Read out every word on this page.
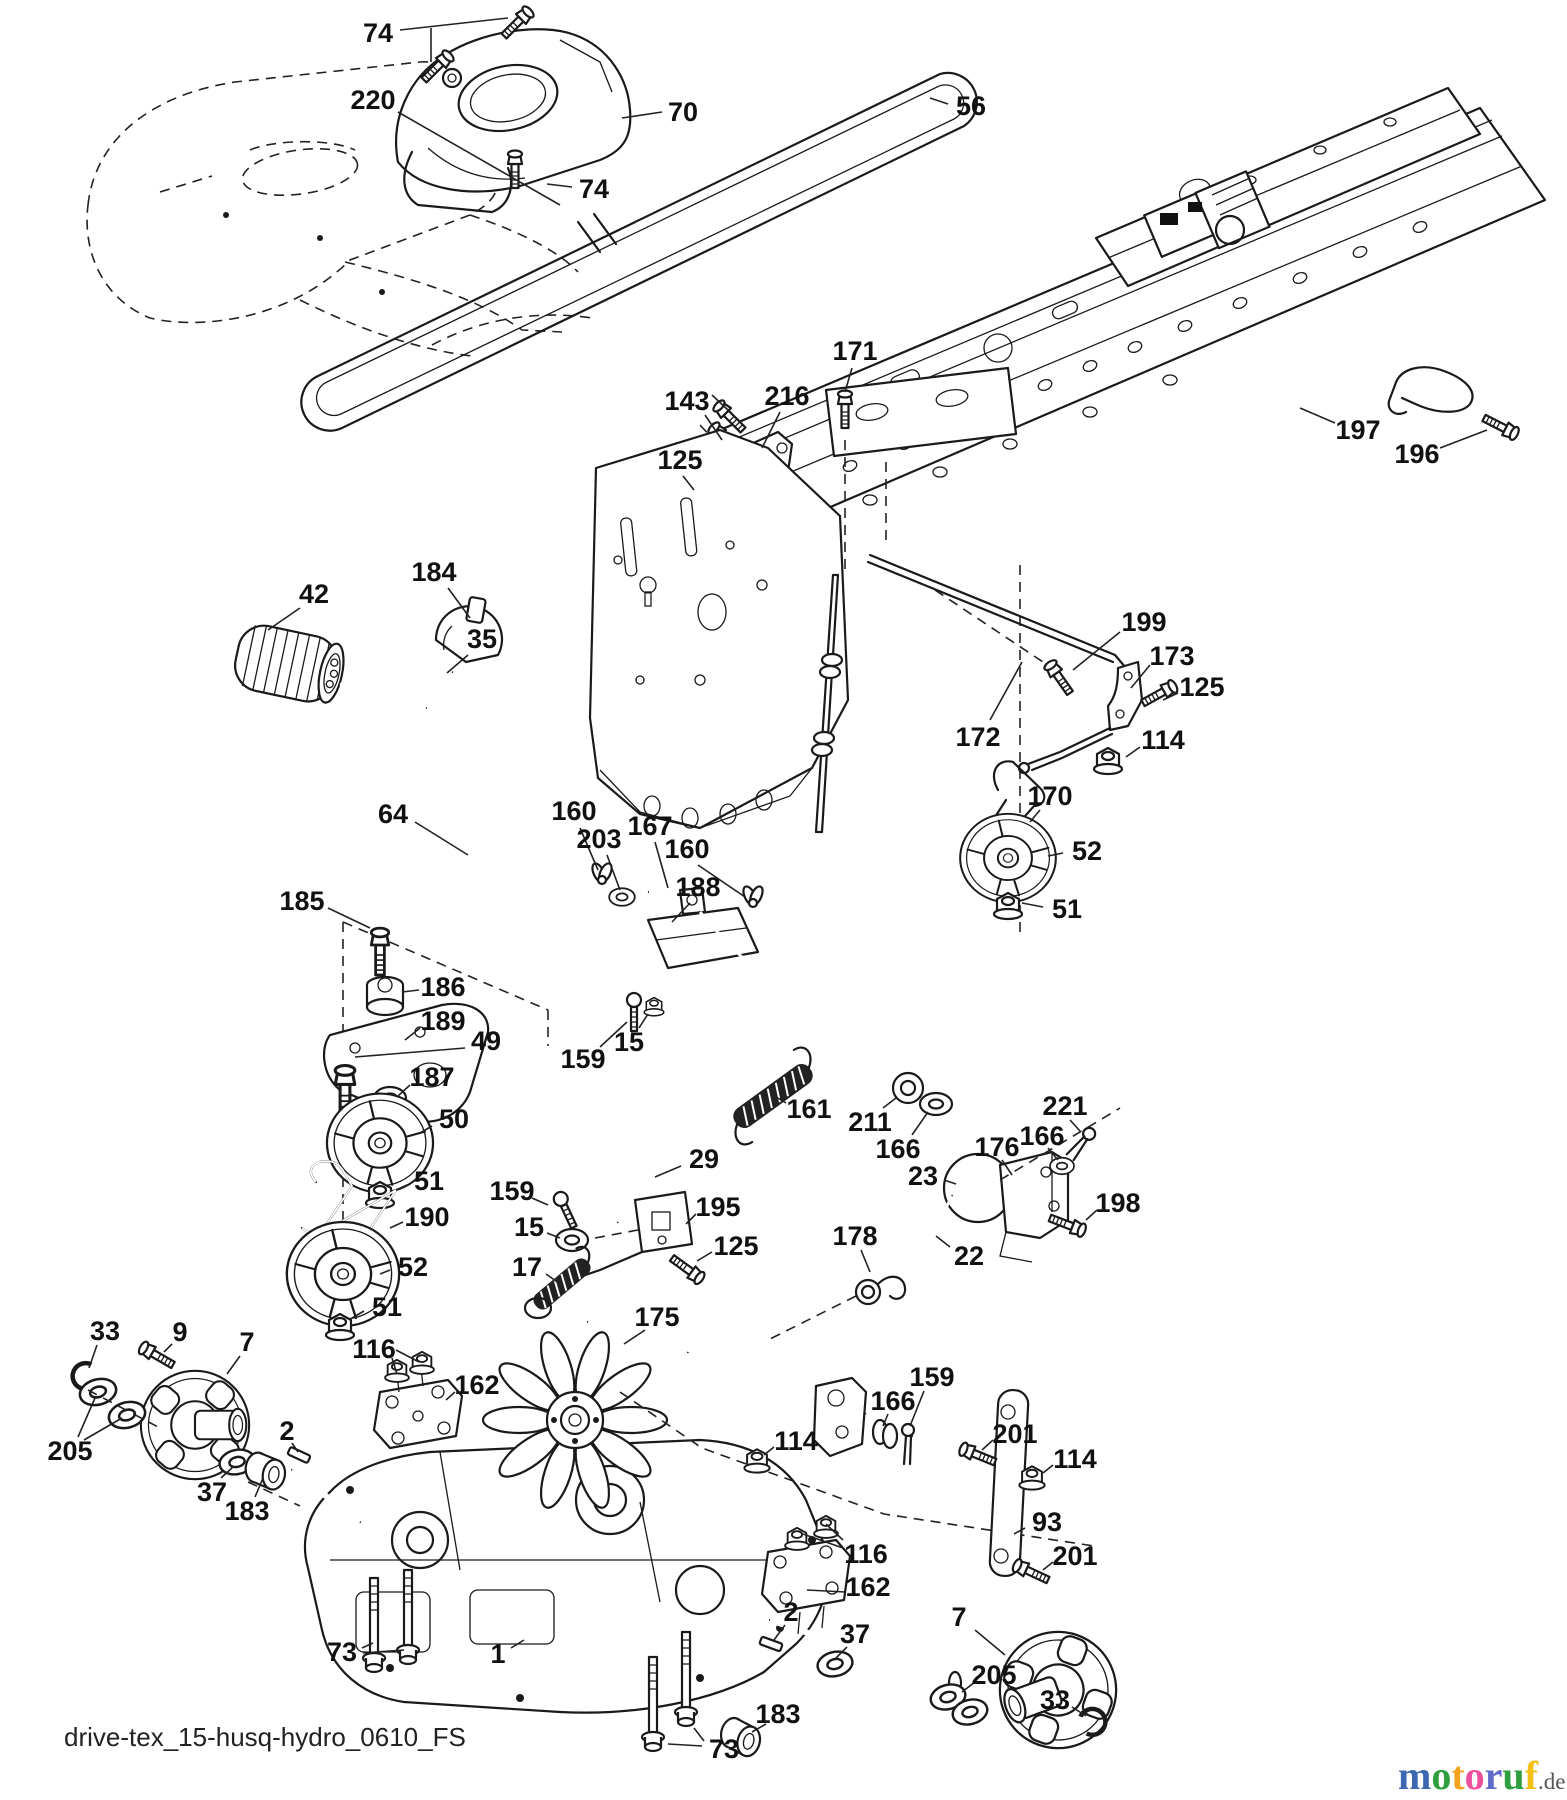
74
220	70
74
56
171
143 216
125
197
196
199
173
125
114
172
170
52
51
42
184
35
64	160
203 167
160
188
185
186
189
49
187
50
51
190
52
51
159
15
161 211
166
29
159
15
17
195
125
175
221
166
176
23
198
178
22
33 9 7
205
37
183
2
116
162
114
166
159
201
114
93
201
116
162
2
37
7
205
33
73	1
183
73
drive-tex_15-husq-hydro_0610_FS
motoruf.de
